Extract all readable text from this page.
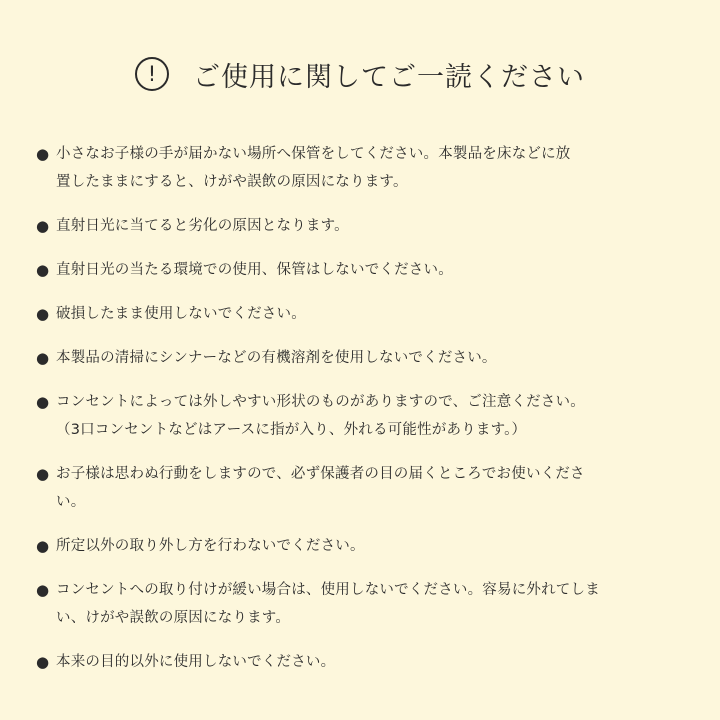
!	ご使用に関してご一読ください
● 小さなお子様の手が届かない場所へ保管をしてください。本製品を床などに放
置したままにすると、けがや誤飲の原因になります。
● 直射日光に当てると劣化の原因となります。
● 直射日光の当たる環境での使用、保管はしないでください。
● 破損したまま使用しないでください。
● 本製品の清掃にシンナーなどの有機溶剤を使用しないでください。
● コンセントによっては外しやすい形状のものがありますので、ご注意ください。
（3口コンセントなどはアースに指が入り、外れる可能性があります。）
● お子様は思わぬ行動をしますので、必ず保護者の目の届くところでお使いくださ
い。
● 所定以外の取り外し方を行わないでください。
● コンセントへの取り付けが緩い場合は、使用しないでください。容易に外れてしま
い、けがや誤飲の原因になります。
● 本来の目的以外に使用しないでください。
